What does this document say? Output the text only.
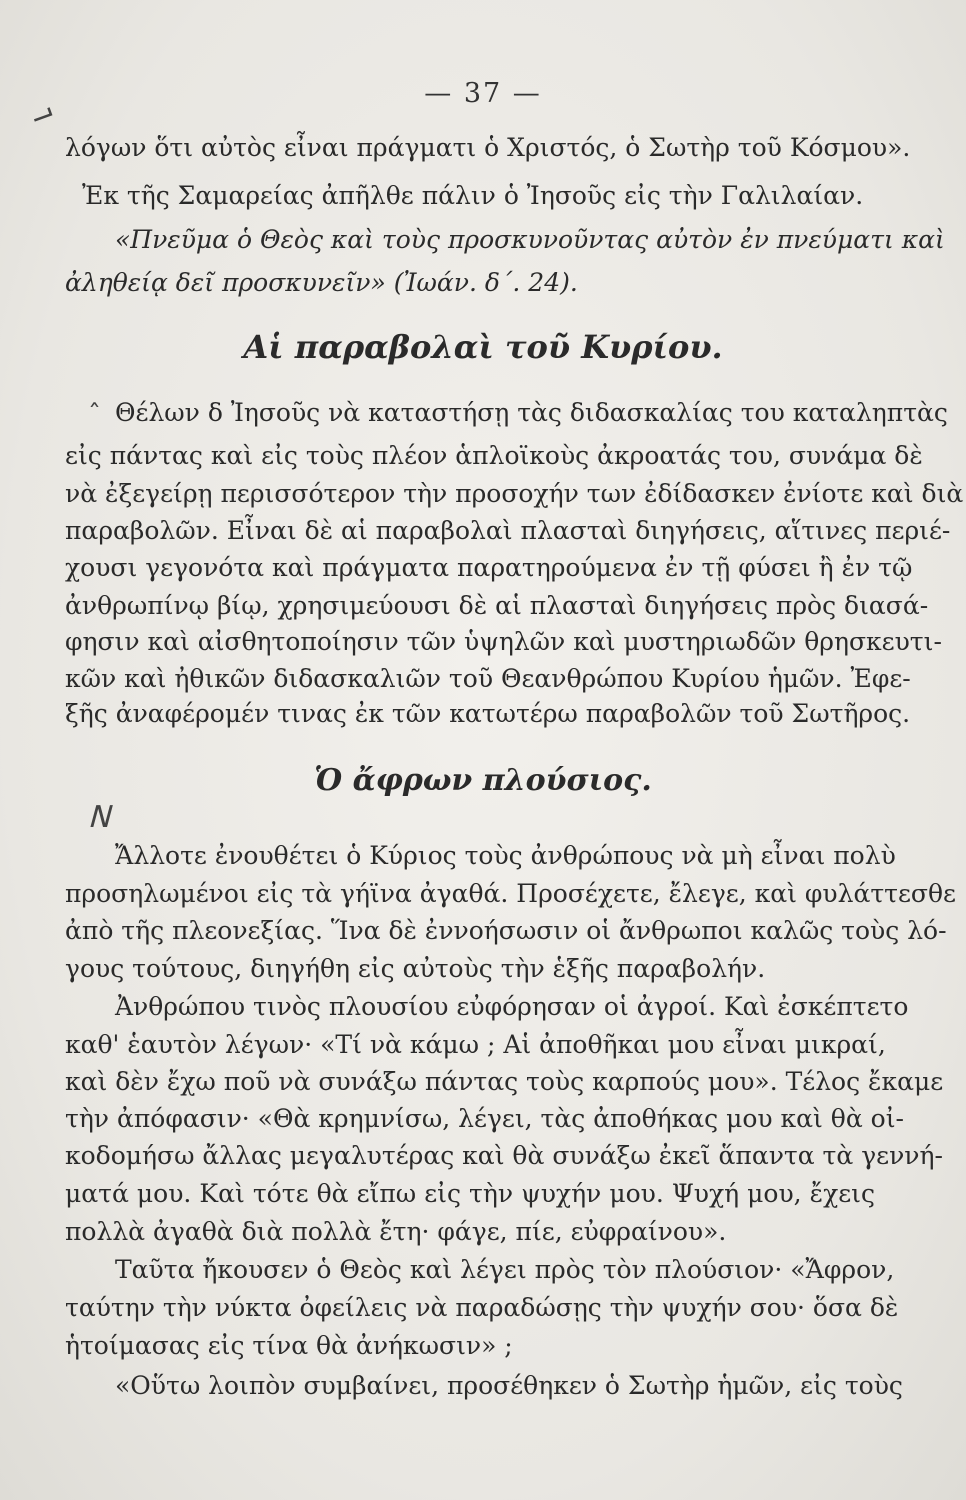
— 37 —
⌐
λόγων ὅτι αὐτὸς εἶναι πράγματι ὁ Χριστός, ὁ Σωτὴρ τοῦ Κόσμου».
Ἐκ τῆς Σαμαρείας ἀπῆλθε πάλιν ὁ Ἰησοῦς εἰς τὴν Γαλιλαίαν.
«Πνεῦμα ὁ Θεὸς καὶ τοὺς προσκυνοῦντας αὐτὸν ἐν πνεύματι καὶ
ἀληθείᾳ δεῖ προσκυνεῖν» (Ἰωάν. δ΄. 24).
Αἱ παραβολαὶ τοῦ Κυρίου.
ˆ Θέλων δ Ἰησοῦς νὰ καταστήσῃ τὰς διδασκαλίας του καταληπτὰς
εἰς πάντας καὶ εἰς τοὺς πλέον ἁπλοϊκοὺς ἀκροατάς του, συνάμα δὲ
νὰ ἐξεγείρῃ περισσότερον τὴν προσοχήν των ἐδίδασκεν ἐνίοτε καὶ διὰ
παραβολῶν. Εἶναι δὲ αἱ παραβολαὶ πλασταὶ διηγήσεις, αἵτινες περιέ-
χουσι γεγονότα καὶ πράγματα παρατηρούμενα ἐν τῇ φύσει ἢ ἐν τῷ
ἀνθρωπίνῳ βίῳ, χρησιμεύουσι δὲ αἱ πλασταὶ διηγήσεις πρὸς διασά-
φησιν καὶ αἰσθητοποίησιν τῶν ὑψηλῶν καὶ μυστηριωδῶν θρησκευτι-
κῶν καὶ ἠθικῶν διδασκαλιῶν τοῦ Θεανθρώπου Κυρίου ἡμῶν. Ἐφε-
ξῆς ἀναφέρομέν τινας ἐκ τῶν κατωτέρω παραβολῶν τοῦ Σωτῆρος.
Ὁ ἄφρων πλούσιος.
N
Ἄλλοτε ἐνουθέτει ὁ Κύριος τοὺς ἀνθρώπους νὰ μὴ εἶναι πολὺ
προσηλωμένοι εἰς τὰ γήϊνα ἀγαθά. Προσέχετε, ἔλεγε, καὶ φυλάττεσθε
ἀπὸ τῆς πλεονεξίας. Ἵνα δὲ ἐννοήσωσιν οἱ ἄνθρωποι καλῶς τοὺς λό-
γους τούτους, διηγήθη εἰς αὐτοὺς τὴν ἑξῆς παραβολήν.
Ἀνθρώπου τινὸς πλουσίου εὐφόρησαν οἱ ἀγροί. Καὶ ἐσκέπτετο
καθ' ἑαυτὸν λέγων· «Τί νὰ κάμω ; Αἱ ἀποθῆκαι μου εἶναι μικραί,
καὶ δὲν ἔχω ποῦ νὰ συνάξω πάντας τοὺς καρπούς μου». Τέλος ἔκαμε
τὴν ἀπόφασιν· «Θὰ κρημνίσω, λέγει, τὰς ἀποθήκας μου καὶ θὰ οἰ-
κοδομήσω ἄλλας μεγαλυτέρας καὶ θὰ συνάξω ἐκεῖ ἅπαντα τὰ γεννή-
ματά μου. Καὶ τότε θὰ εἴπω εἰς τὴν ψυχήν μου. Ψυχή μου, ἔχεις
πολλὰ ἀγαθὰ διὰ πολλὰ ἔτη· φάγε, πίε, εὐφραίνου».
Ταῦτα ἤκουσεν ὁ Θεὸς καὶ λέγει πρὸς τὸν πλούσιον· «Ἄφρον,
ταύτην τὴν νύκτα ὀφείλεις νὰ παραδώσῃς τὴν ψυχήν σου· ὅσα δὲ
ἡτοίμασας εἰς τίνα θὰ ἀνήκωσιν» ;
«Οὕτω λοιπὸν συμβαίνει, προσέθηκεν ὁ Σωτὴρ ἡμῶν, εἰς τοὺς
